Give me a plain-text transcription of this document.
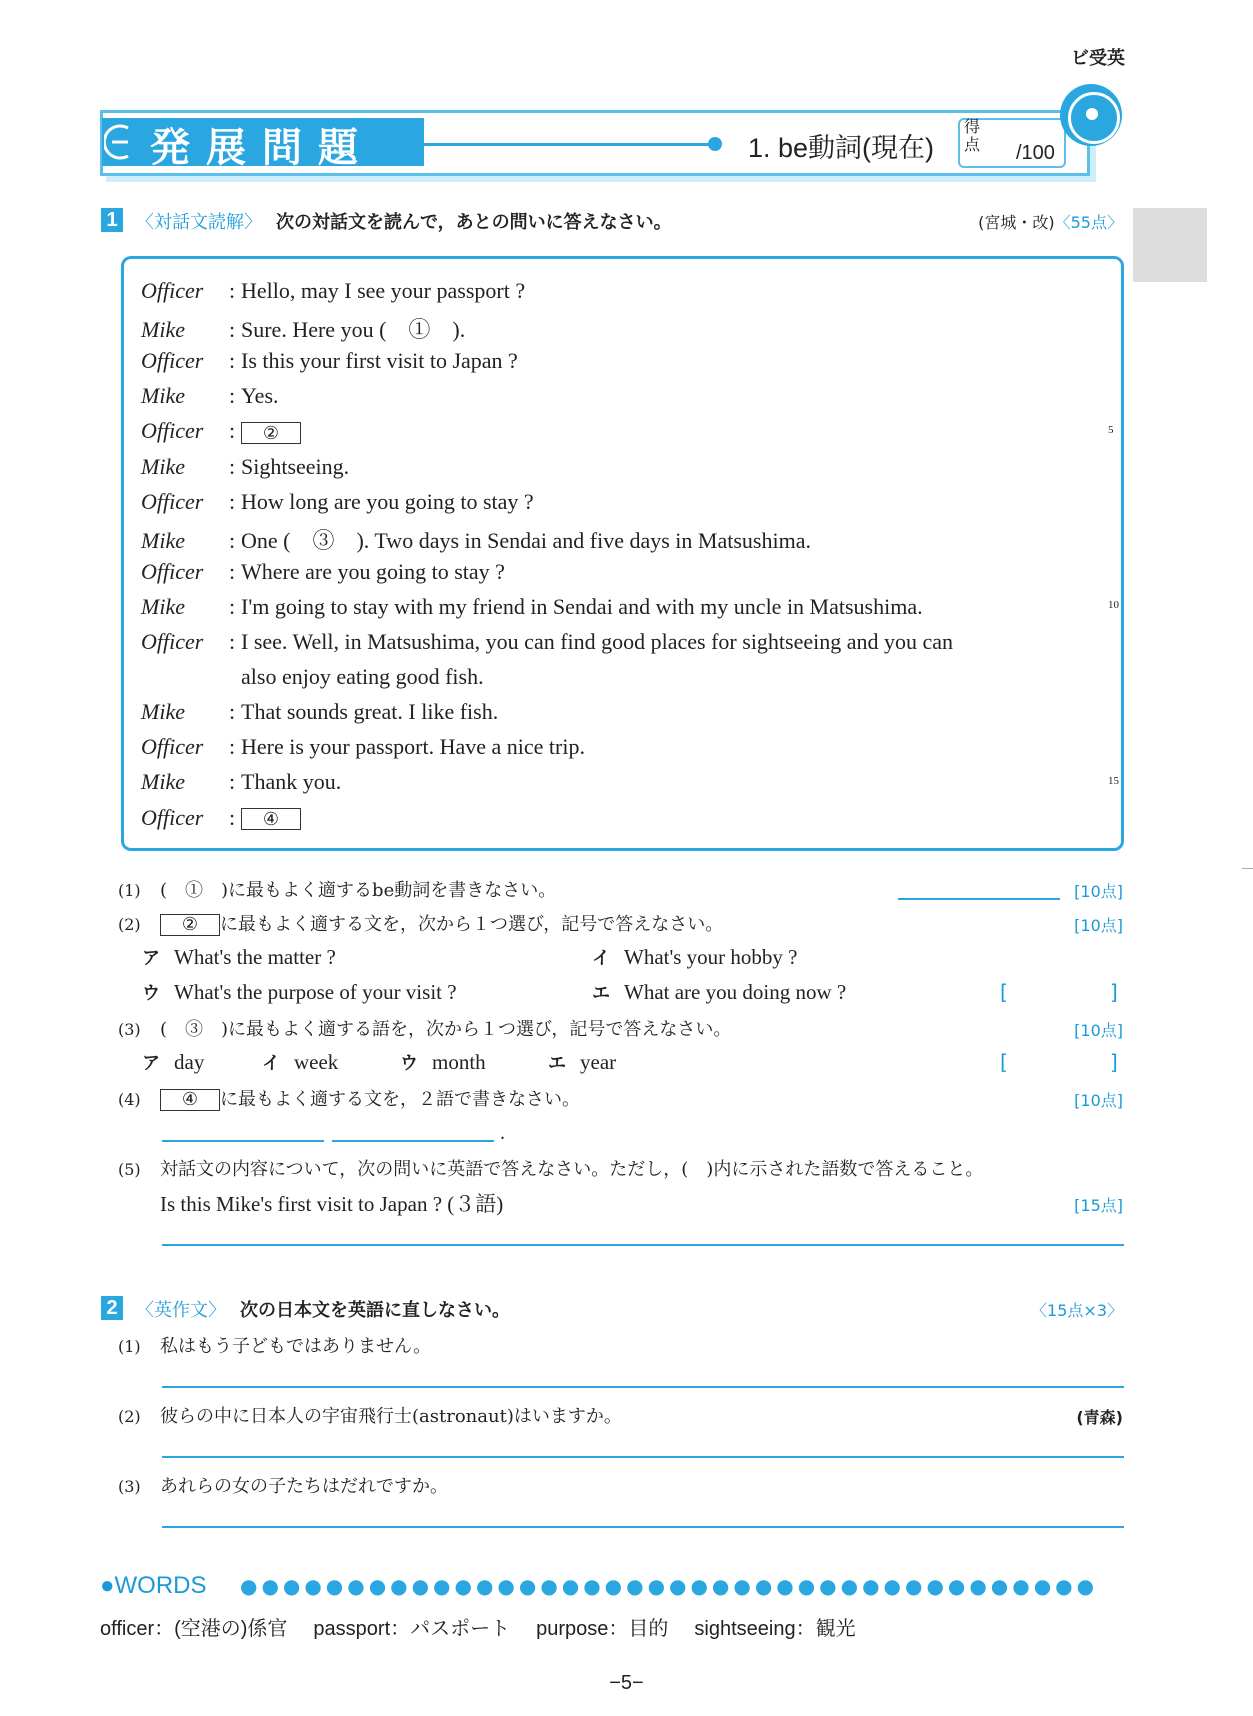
ビ受英
発展問題	1. be動詞(現在)
得点 /100
1	〈対話文読解〉 次の対話文を読んで，あとの問いに答えなさい。	(宮城・改)〈55点〉
Officer : Hello, may I see your passport ?
Mike : Sure. Here you (　①　).
Officer : Is this your first visit to Japan ?
Mike : Yes.
Officer : ②
Mike : Sightseeing.
Officer : How long are you going to stay ?
Mike : One (　③　). Two days in Sendai and five days in Matsushima.
Officer : Where are you going to stay ?
Mike : I'm going to stay with my friend in Sendai and with my uncle in Matsushima.
Officer : I see. Well, in Matsushima, you can find good places for sightseeing and you can
also enjoy eating good fish.
Mike : That sounds great. I like fish.
Officer : Here is your passport. Have a nice trip.
Mike : Thank you.
Officer : ④
5
10
15
(1) (　①　)に最もよく適するbe動詞を書きなさい。	[10点]
(2) ② に最もよく適する文を，次から１つ選び，記号で答えなさい。	[10点]
ア What's the matter ?	イ What's your hobby ?
ウ What's the purpose of your visit ?	エ What are you doing now ?	[	]
(3) (　③　)に最もよく適する語を，次から１つ選び，記号で答えなさい。	[10点]
ア day	イ week	ウ month	エ year	[	]
(4) ④ に最もよく適する文を，２語で書きなさい。	[10点]
.
(5) 対話文の内容について，次の問いに英語で答えなさい。ただし，(　)内に示された語数で答えること。
Is this Mike's first visit to Japan ? (３語)	[15点]
2	〈英作文〉 次の日本文を英語に直しなさい。	〈15点×3〉
(1) 私はもう子どもではありません。
(2) 彼らの中に日本人の宇宙飛行士(astronaut)はいますか。	(青森)
(3) あれらの女の子たちはだれですか。
●WORDS ●●●●●●●●●●●●●●●●●●●●●●●●●●●●●●●●●●●●●●●●
officer：(空港の)係官 passport：パスポート purpose：目的 sightseeing：観光
−5−
